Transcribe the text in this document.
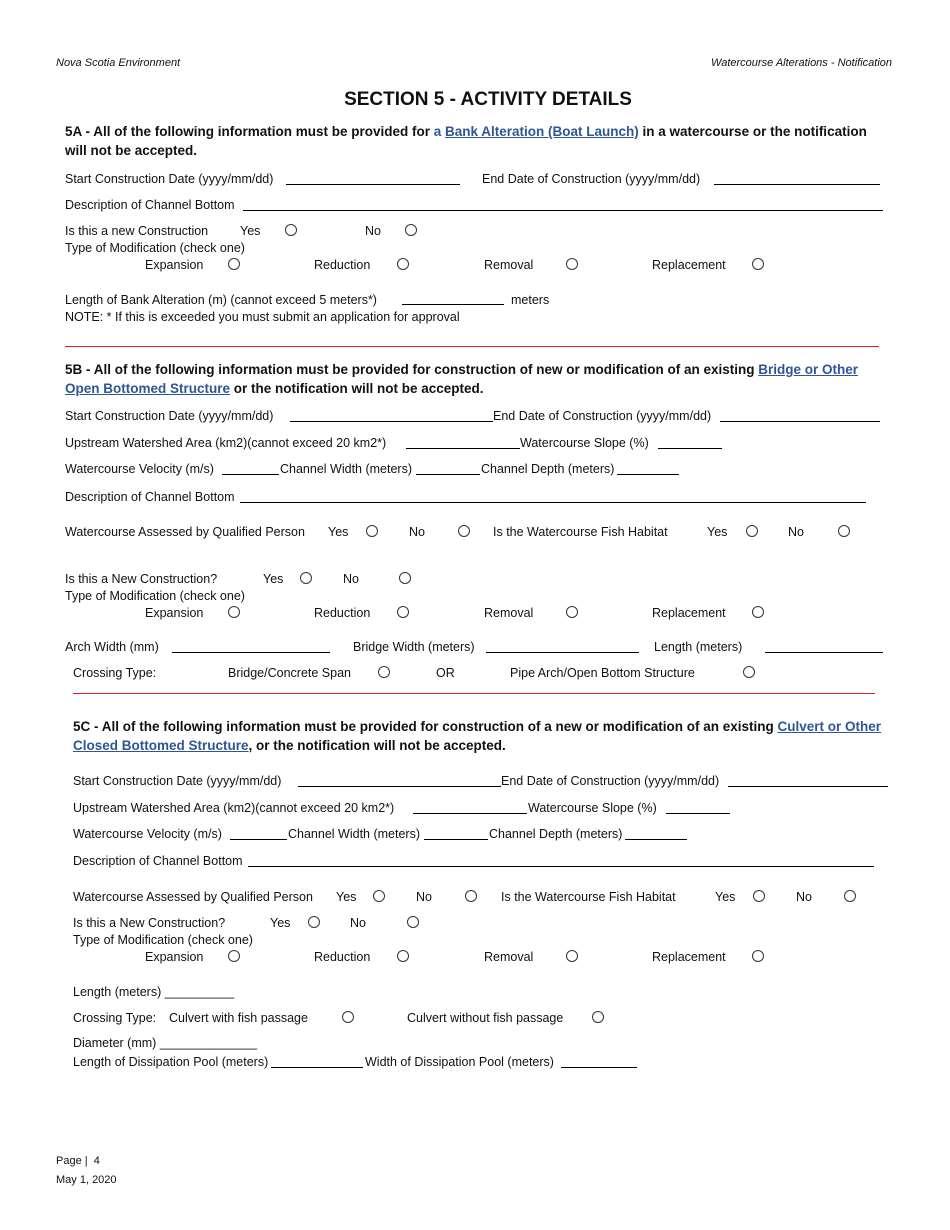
Nova Scotia Environment	Watercourse Alterations - Notification
SECTION 5 - ACTIVITY DETAILS
5A - All of the following information must be provided for a Bank Alteration (Boat Launch) in a watercourse or the notification will not be accepted.
Start Construction Date (yyyy/mm/dd)	End Date of Construction (yyyy/mm/dd)
Description of Channel Bottom
Is this a new Construction	Yes	No
Type of Modification (check one)
Expansion	Reduction	Removal	Replacement
Length of Bank Alteration (m) (cannot exceed 5 meters*)	meters
NOTE: * If this is exceeded you must submit an application for approval
5B - All of the following information must be provided for construction of new or modification of an existing Bridge or Other Open Bottomed Structure or the notification will not be accepted.
Start Construction Date (yyyy/mm/dd)	End Date of Construction (yyyy/mm/dd)
Upstream Watershed Area (km2)(cannot exceed 20 km2*)	Watercourse Slope (%)
Watercourse Velocity (m/s)	Channel Width (meters)	Channel Depth (meters)
Description of Channel Bottom
Watercourse Assessed by Qualified Person Yes	No	Is the Watercourse Fish Habitat	Yes	No
Is this a New Construction?	Yes	No
Type of Modification (check one)
Expansion	Reduction	Removal	Replacement
Arch Width (mm)	Bridge Width (meters)	Length (meters)
Crossing Type:	Bridge/Concrete Span	OR	Pipe Arch/Open Bottom Structure
5C - All of the following information must be provided for construction of a new or modification of an existing Culvert or Other Closed Bottomed Structure, or the notification will not be accepted.
Start Construction Date (yyyy/mm/dd)	End Date of Construction (yyyy/mm/dd)
Upstream Watershed Area (km2)(cannot exceed 20 km2*)	Watercourse Slope (%)
Watercourse Velocity (m/s)	Channel Width (meters)	Channel Depth (meters)
Description of Channel Bottom
Watercourse Assessed by Qualified Person Yes	No	Is the Watercourse Fish Habitat	Yes	No
Is this a New Construction?	Yes	No
Type of Modification (check one)
Expansion	Reduction	Removal	Replacement
Length (meters) __________
Crossing Type: Culvert with fish passage	Culvert without fish passage
Diameter (mm) ______________
Length of Dissipation Pool (meters)	Width of Dissipation Pool (meters)
Page | 4
May 1, 2020
